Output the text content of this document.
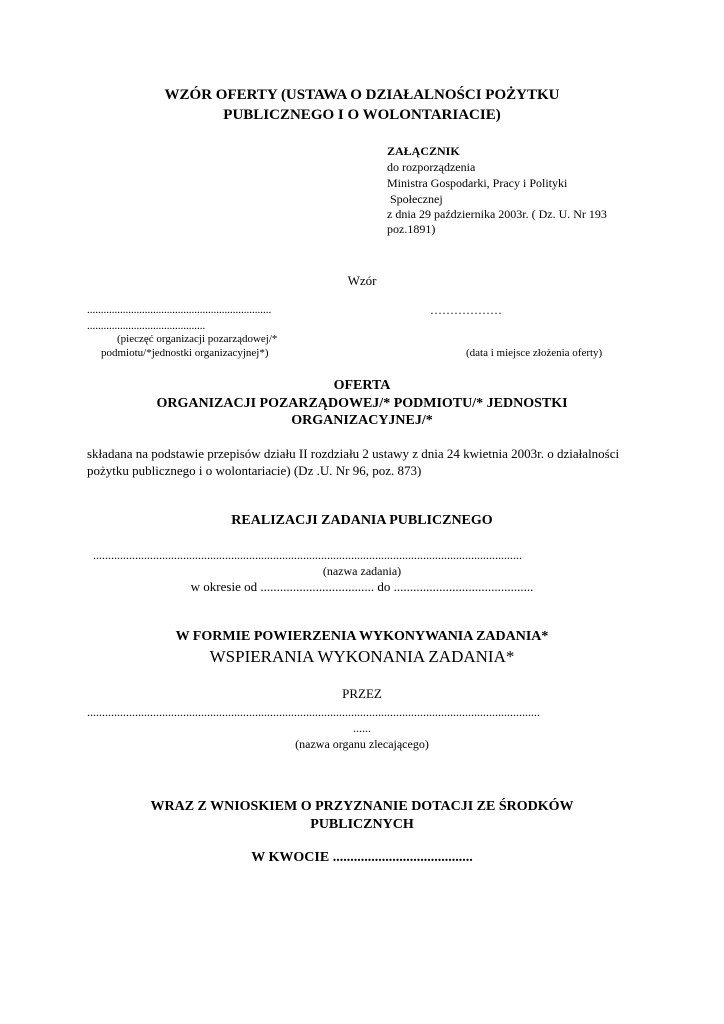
WZÓR OFERTY (USTAWA O DZIAŁALNOŚCI POŻYTKU
PUBLICZNEGO I O WOLONTARIACIE)
ZAŁĄCZNIK
do rozporządzenia
Ministra Gospodarki, Pracy i Polityki
Społecznej
z dnia 29 października 2003r. ( Dz. U. Nr 193
poz.1891)
Wzór
...................................................................
...........................................
(pieczęć organizacji pozarządowej/*
podmiotu/*jednostki organizacyjnej*)
………………
(data i miejsce złożenia oferty)
OFERTA
ORGANIZACJI POZARZĄDOWEJ/* PODMIOTU/* JEDNOSTKI
ORGANIZACYJNEJ/*
składana na podstawie przepisów działu II rozdziału 2 ustawy z dnia 24 kwietnia 2003r. o działalności
pożytku publicznego i o wolontariacie) (Dz .U. Nr 96, poz. 873)
REALIZACJI ZADANIA PUBLICZNEGO
...............................................................................................................................................
(nazwa zadania)
w okresie od ................................... do ...........................................
W FORMIE POWIERZENIA WYKONYWANIA ZADANIA*
WSPIERANIA WYKONANIA ZADANIA*
PRZEZ
.......................................................................................................................................................
......
(nazwa organu zlecającego)
WRAZ Z WNIOSKIEM O PRZYZNANIE DOTACJI ZE ŚRODKÓW
PUBLICZNYCH
W KWOCIE ........................................
